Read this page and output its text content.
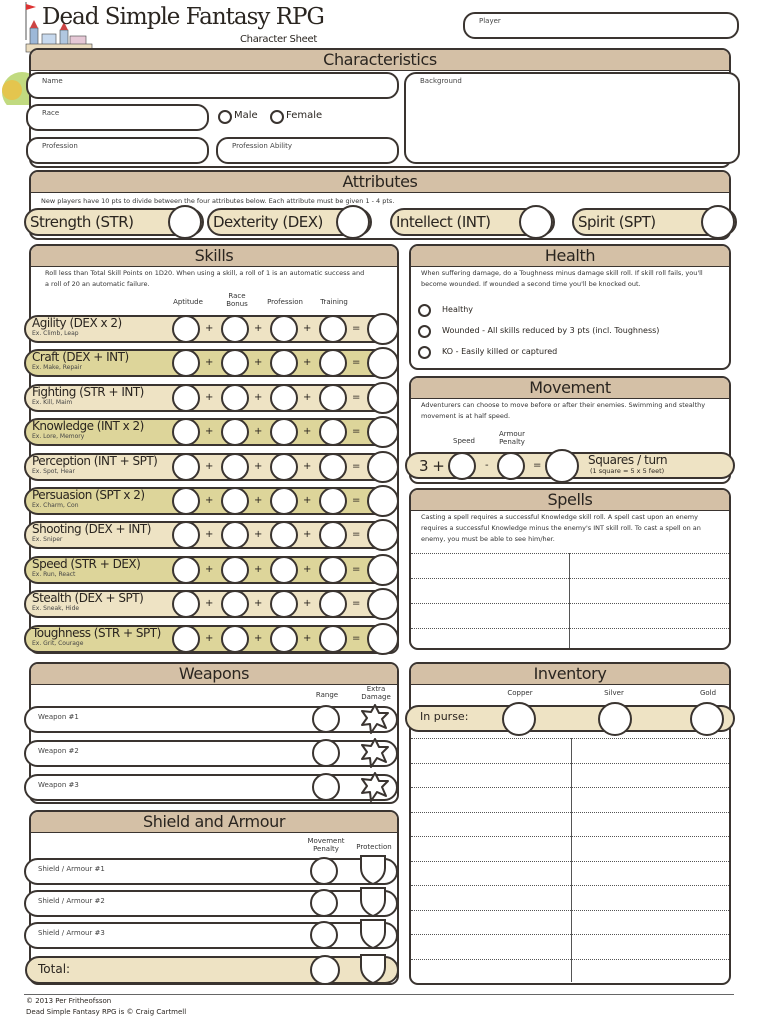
Dead Simple Fantasy RPG
Character Sheet
Player
Characteristics
Name
Race	Male	Female
Profession	Profession Ability
Background
Attributes
New players have 10 pts to divide between the four attributes below. Each attribute must be given 1 - 4 pts.
Skills
Roll less than Total Skill Points on 1D20. When using a skill, a roll of 1 is an automatic success and a roll of 20 an automatic failure.
Aptitude
Race Bonus	Profession	Training
Health
When suffering damage, do a Toughness minus damage skill roll. If skill roll fails, you'll become wounded. If wounded a second time you'll be knocked out.
Movement
Adventurers can choose to move before or after their enemies. Swimming and stealthy movement is at half speed.
Speed
Armour Penalty
3 +	-	=	Squares / turn
(1 square = 5 x 5 feet)
Spells
Casting a spell requires a successful Knowledge skill roll. A spell cast upon an enemy requires a successful Knowledge minus the enemy's INT skill roll. To cast a spell on an enemy, you must be able to see him/her.
Weapons
Range
Extra Damage
Shield and Armour
Movement Penalty	Protection
Total:
Inventory
Copper	Silver	Gold
In purse:
© 2013 Per Fritheofsson
Dead Simple Fantasy RPG is © Craig Cartmell
Strength (STR)	Dexterity (DEX)	Intellect (INT)	Spirit (SPT)
Agility (DEX x 2)
Ex. Climb, Leap	+	+	+	=
Craft (DEX + INT)
Ex. Make, Repair	+	+	+	=
Fighting (STR + INT)
Ex. Kill, Maim	+	+	+	=
Knowledge (INT x 2)
Ex. Lore, Memory	+	+	+	=
Perception (INT + SPT)
Ex. Spot, Hear	+	+	+	=
Persuasion (SPT x 2)
Ex. Charm, Con	+	+	+	=
Shooting (DEX + INT)
Ex. Sniper	+	+	+	=
Speed (STR + DEX)
Ex. Run, React	+	+	+	=
Stealth (DEX + SPT)
Ex. Sneak, Hide	+	+	+	=
Toughness (STR + SPT)
Ex. Grit, Courage	+	+	+	=
Healthy
Wounded - All skills reduced by 3 pts (incl. Toughness)
KO - Easily killed or captured
Weapon #1
Weapon #2
Weapon #3
Shield / Armour #1
Shield / Armour #2
Shield / Armour #3
